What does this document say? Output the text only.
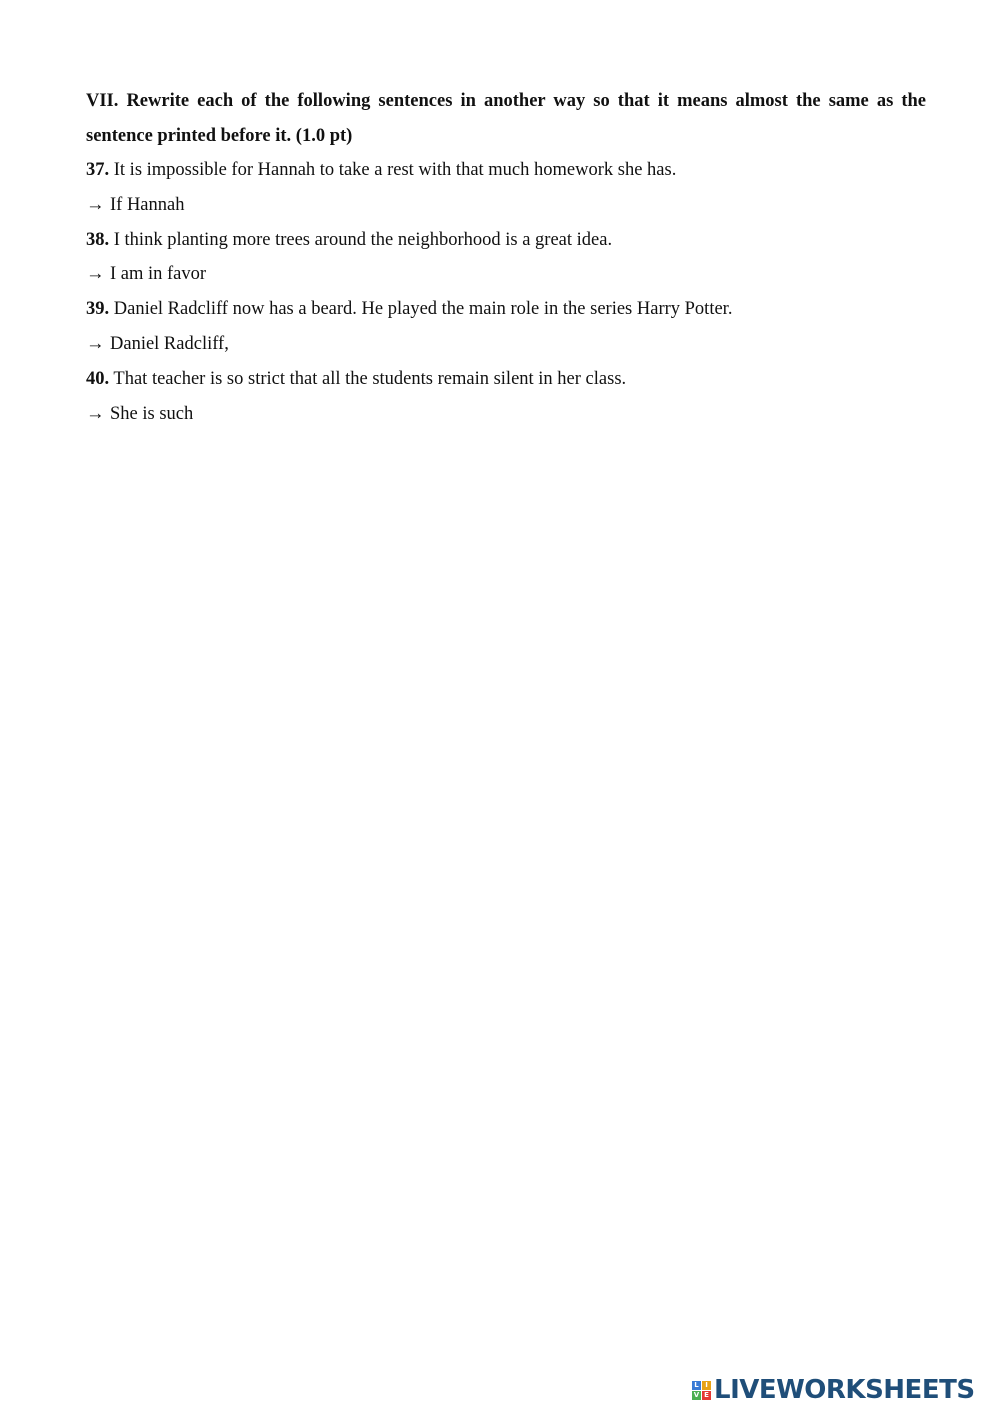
VII. Rewrite each of the following sentences in another way so that it means almost the same as the sentence printed before it. (1.0 pt)

37. It is impossible for Hannah to take a rest with that much homework she has.

→ If Hannah

38. I think planting more trees around the neighborhood is a great idea.

→ I am in favor

39. Daniel Radcliff now has a beard. He played the main role in the series Harry Potter.

→ Daniel Radcliff,

40. That teacher is so strict that all the students remain silent in her class.

→ She is such

L I
V E LIVEWORKSHEETS
